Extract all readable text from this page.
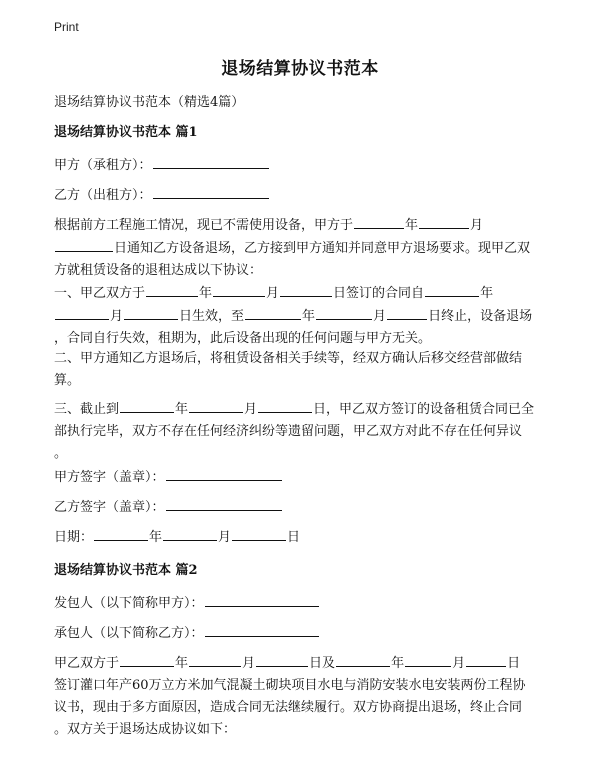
Print
退场结算协议书范本
退场结算协议书范本（精选4篇）
退场结算协议书范本 篇1
甲方（承租方）：
乙方（出租方）：
根据前方工程施工情况，现已不需使用设备，甲方于	年	月
日通知乙方设备退场，乙方接到甲方通知并同意甲方退场要求。现甲乙双
方就租赁设备的退租达成以下协议：
一、甲乙双方于	年	月	日签订的合同自	年
月	日生效，至	年	月	日终止，设备退场
，合同自行失效，租期为，此后设备出现的任何问题与甲方无关。
二、甲方通知乙方退场后，将租赁设备相关手续等，经双方确认后移交经营部做结
算。
三、截止到	年	月	日，甲乙双方签订的设备租赁合同已全
部执行完毕，双方不存在任何经济纠纷等遗留问题，甲乙双方对此不存在任何异议
。
甲方签字（盖章）：
乙方签字（盖章）：
日期：	年	月	日
退场结算协议书范本 篇2
发包人（以下简称甲方）：
承包人（以下简称乙方）：
甲乙双方于	年	月	日及	年	月	日
签订灌口年产60万立方米加气混凝土砌块项目水电与消防安装水电安装两份工程协
议书，现由于多方面原因，造成合同无法继续履行。双方协商提出退场，终止合同
。双方关于退场达成协议如下：
